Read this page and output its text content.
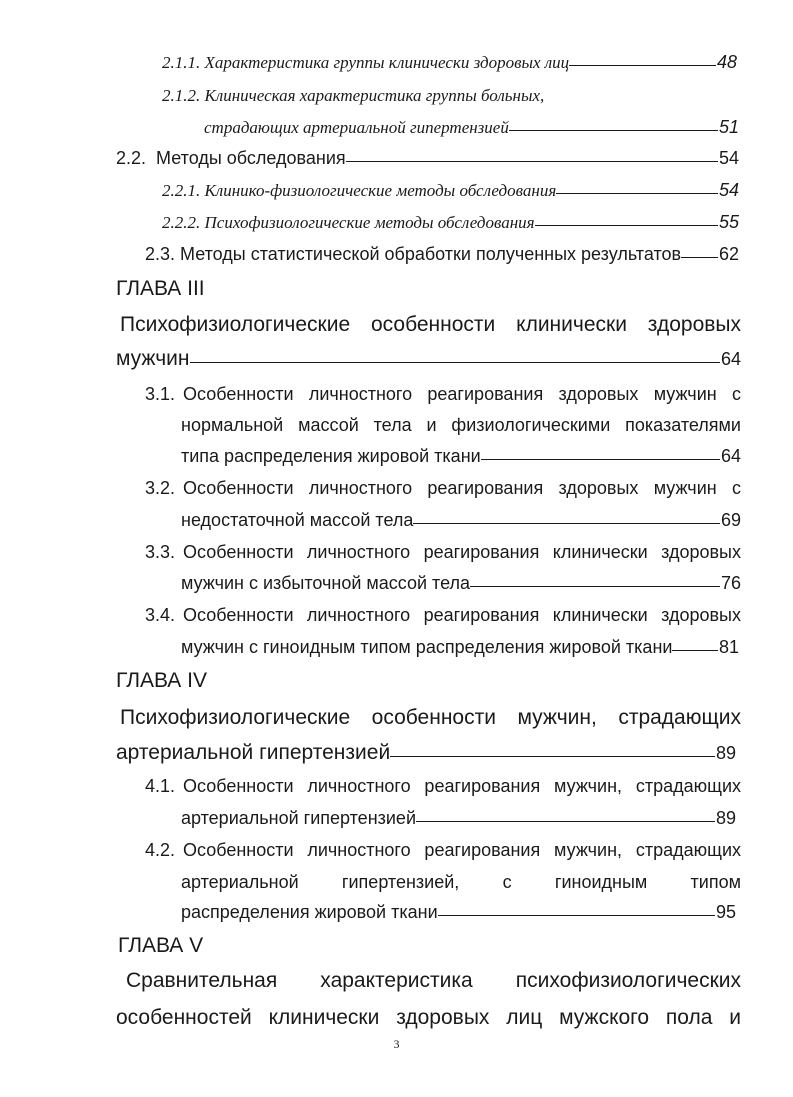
2.1.1.
Характеристика группы клинически здоровых лиц	48
2.1.2.
Клиническая характеристика группы больных,
страдающих артериальной гипертензией	51
2.2.
Методы обследования	54
2.2.1.
Клинико-физиологические методы обследования	54
2.2.2.
Психофизиологические методы обследования	55
2.3. Методы статистической обработки полученных результатов 62
ГЛАВА III
Психофизиологические особенности клинически здоровых
мужчин	64
3.1. Особенности личностного реагирования здоровых мужчин с
нормальной массой тела и физиологическими показателями
типа распределения жировой ткани	64
3.2. Особенности личностного реагирования здоровых мужчин с
недостаточной массой тела	69
3.3. Особенности личностного реагирования клинически здоровых
мужчин с избыточной массой тела	76
3.4. Особенности личностного реагирования клинически здоровых
мужчин с гиноидным типом распределения жировой ткани	81
ГЛАВА IV
Психофизиологические особенности мужчин, страдающих
артериальной гипертензией	89
4.1. Особенности личностного реагирования мужчин, страдающих
артериальной гипертензией	89
4.2. Особенности личностного реагирования мужчин, страдающих
артериальной гипертензией, с гиноидным типом
распределения жировой ткани	95
ГЛАВА V
Сравнительная характеристика психофизиологических
особенностей клинически здоровых лиц мужского пола и
3
